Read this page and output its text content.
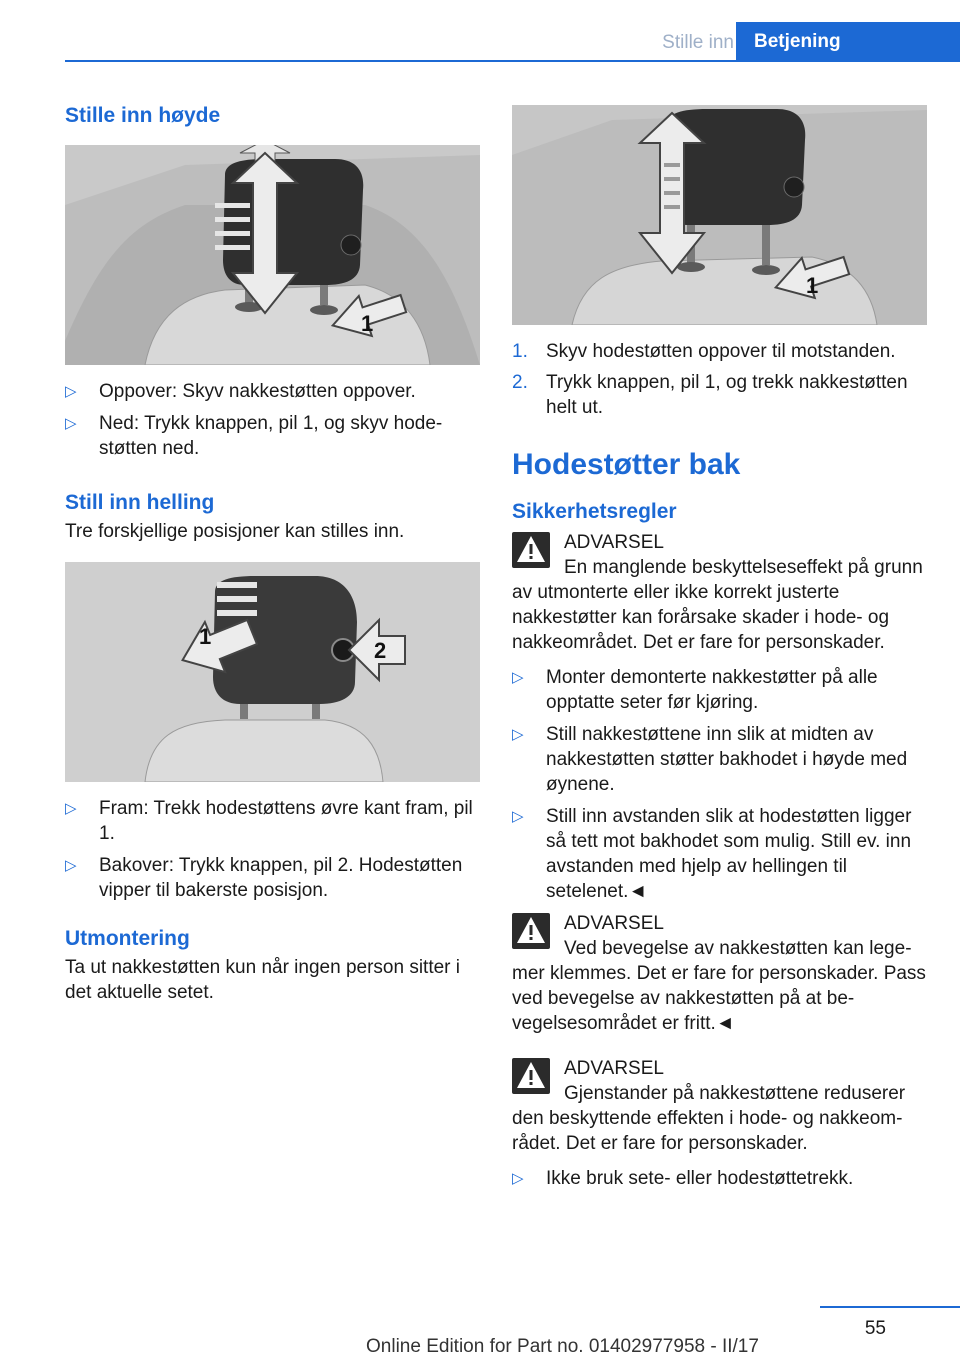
Stille inn	Betjening
Stille inn høyde
1
▷ Oppover: Skyv nakkestøtten oppover.
▷ Ned: Trykk knappen, pil 1, og skyv hodestøtten ned.
Still inn helling
Tre forskjellige posisjoner kan stilles inn.
1
2
▷ Fram: Trekk hodestøttens øvre kant fram, pil 1.
▷ Bakover: Trykk knappen, pil 2. Hodestøtten vipper til bakerste posisjon.
Utmontering
Ta ut nakkestøtten kun når ingen person sitter i det aktuelle setet.
1
1. Skyv hodestøtten oppover til motstanden.
2. Trykk knappen, pil 1, og trekk nakkestøtten helt ut.
Hodestøtter bak
Sikkerhetsregler
ADVARSEL
En manglende beskyttelseseffekt på grunn av utmonterte eller ikke korrekt justerte nakkestøtter kan forårsake skader i hode- og nakkeområdet. Det er fare for personskader.
▷ Monter demonterte nakkestøtter på alle opptatte seter før kjøring.
▷ Still nakkestøttene inn slik at midten av nakkestøtten støtter bakhodet i høyde med øynene.
▷ Still inn avstanden slik at hodestøtten ligger så tett mot bakhodet som mulig. Still ev. inn avstanden med hjelp av hellingen til setelenet.◄
ADVARSEL
Ved bevegelse av nakkestøtten kan legemer klemmes. Det er fare for personskader. Pass ved bevegelse av nakkestøtten på at bevegelsesområdet er fritt.◄
ADVARSEL
Gjenstander på nakkestøttene reduserer den beskyttende effekten i hode- og nakkeområdet. Det er fare for personskader.
▷ Ikke bruk sete- eller hodestøttetrekk.
55
Online Edition for Part no. 01402977958 - II/17
